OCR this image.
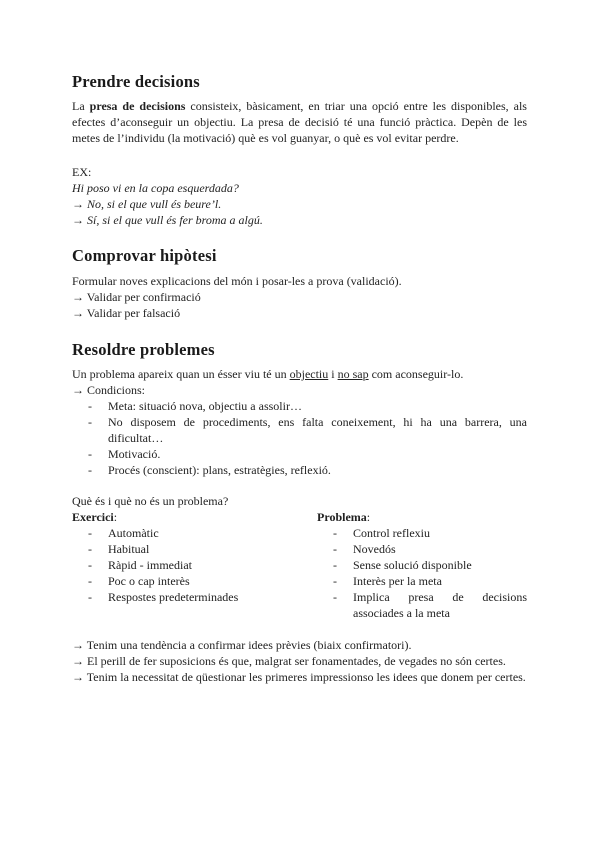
Prendre decisions

La presa de decisions consisteix, bàsicament, en triar una opció entre les disponibles, als efectes d’aconseguir un objectiu. La presa de decisió té una funció pràctica. Depèn de les metes de l’individu (la motivació) què es vol guanyar, o què es vol evitar perdre.

EX:

Hi poso vi en la copa esquerdada?

→ No, si el que vull és beure’l.

→ Sí, si el que vull és fer broma a algú.

Comprovar hipòtesi

Formular noves explicacions del món i posar-les a prova (validació).

→ Validar per confirmació

→ Validar per falsació

Resoldre problemes

Un problema apareix quan un ésser viu té un objectiu i no sap com aconseguir-lo.

→ Condicions:

- Meta: situació nova, objectiu a assolir…
- No disposem de procediments, ens falta coneixement, hi ha una barrera, una dificultat…
- Motivació.
- Procés (conscient): plans, estratègies, reflexió.

Què és i què no és un problema?

Exercici:

- Automàtic
- Habitual
- Ràpid - immediat
- Poc o cap interès
- Respostes predeterminades

Problema:

- Control reflexiu
- Novedós
- Sense solució disponible
- Interès per la meta
- Implica presa de decisions associades a la meta

→ Tenim una tendència a confirmar idees prèvies (biaix confirmatori).

→ El perill de fer suposicions és que, malgrat ser fonamentades, de vegades no són certes.

→ Tenim la necessitat de qüestionar les primeres impressionso les idees que donem per certes.
